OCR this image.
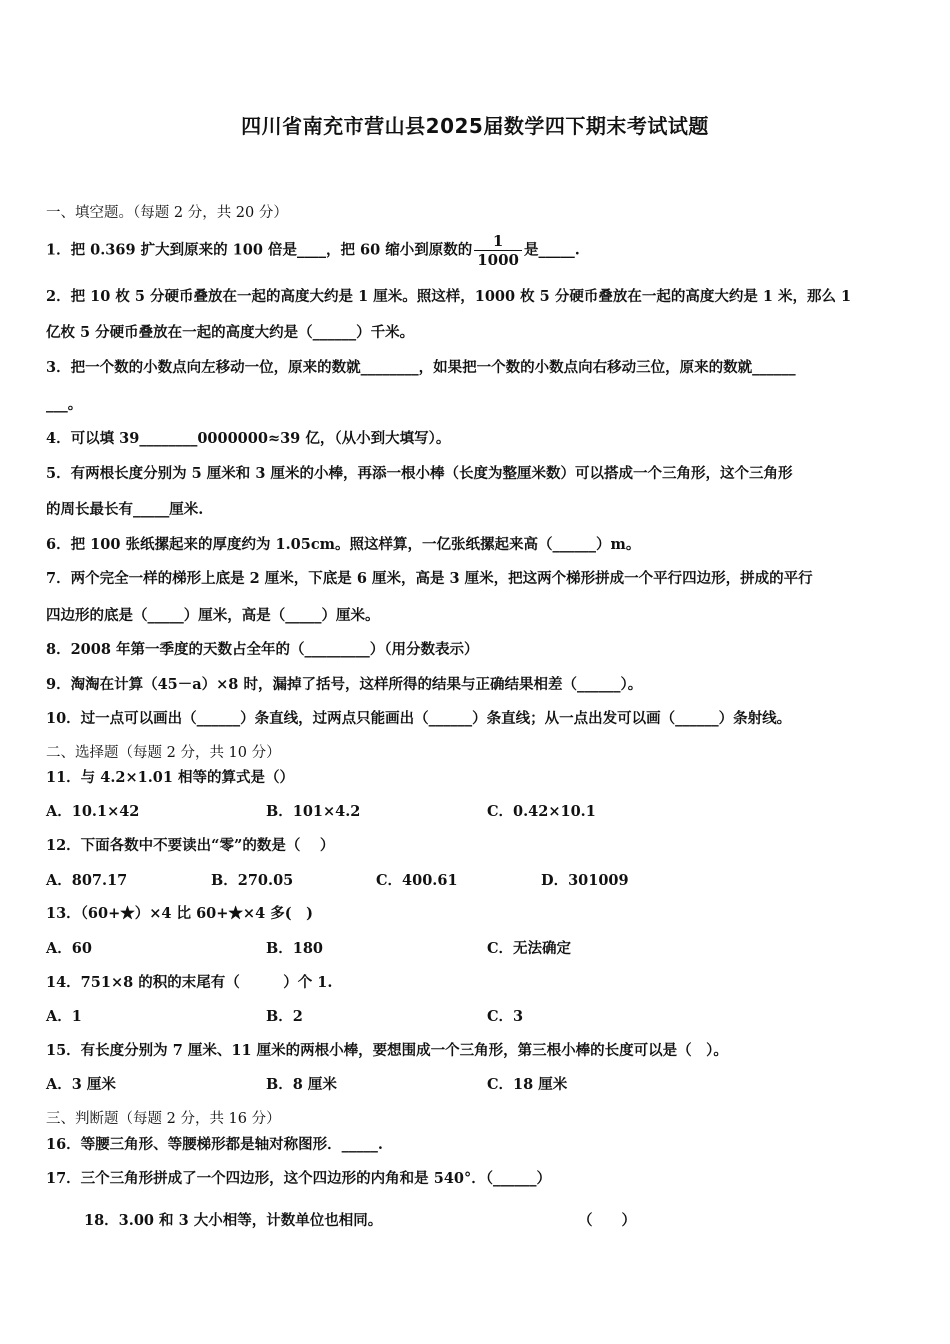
四川省南充市营山县2025届数学四下期末考试试题
一、填空题。（每题 2 分，共 20 分）
1．把 0.369 扩大到原来的 100 倍是____，把 60 缩小到原数的 $\frac{1}{1000}$ 是_____.
2．把 10 枚 5 分硬币叠放在一起的高度大约是 1 厘米。照这样，1000 枚 5 分硬币叠放在一起的高度大约是 1 米，那么 1
亿枚 5 分硬币叠放在一起的高度大约是（______）千米。
3．把一个数的小数点向左移动一位，原来的数就________，如果把一个数的小数点向右移动三位，原来的数就______
___。
4．可以填 39________0000000≈39 亿，（从小到大填写）。
5．有两根长度分别为 5 厘米和 3 厘米的小棒，再添一根小棒（长度为整厘米数）可以搭成一个三角形，这个三角形
的周长最长有_____厘米.
6．把 100 张纸摞起来的厚度约为 1.05cm。照这样算，一亿张纸摞起来高（______）m。
7．两个完全一样的梯形上底是 2 厘米，下底是 6 厘米，高是 3 厘米，把这两个梯形拼成一个平行四边形，拼成的平行
四边形的底是（_____）厘米，高是（_____）厘米。
8．2008 年第一季度的天数占全年的（_________）（用分数表示）
9．淘淘在计算（45－a）×8 时，漏掉了括号，这样所得的结果与正确结果相差（______）。
10．过一点可以画出（______）条直线，过两点只能画出（______）条直线；从一点出发可以画（______）条射线。
二、选择题（每题 2 分，共 10 分）
11．与 4.2×1.01 相等的算式是（）
A．10.1×42	B．101×4.2	C．0.42×10.1
12．下面各数中不要读出“零”的数是（　 ）
A．807.17	B．270.05	C．400.61	D．301009
13．（60+★）×4 比 60+★×4 多(　)
A．60	B．180	C．无法确定
14．751×8 的积的末尾有（　　　）个 1.
A．1	B．2	C．3
15．有长度分别为 7 厘米、11 厘米的两根小棒，要想围成一个三角形，第三根小棒的长度可以是（　）。
A．3 厘米	B．8 厘米	C．18 厘米
三、判断题（每题 2 分，共 16 分）
16．等腰三角形、等腰梯形都是轴对称图形．_____.
17．三个三角形拼成了一个四边形，这个四边形的内角和是 540°．（______）
18．3.00 和 3 大小相等，计数单位也相同。	（　　）
